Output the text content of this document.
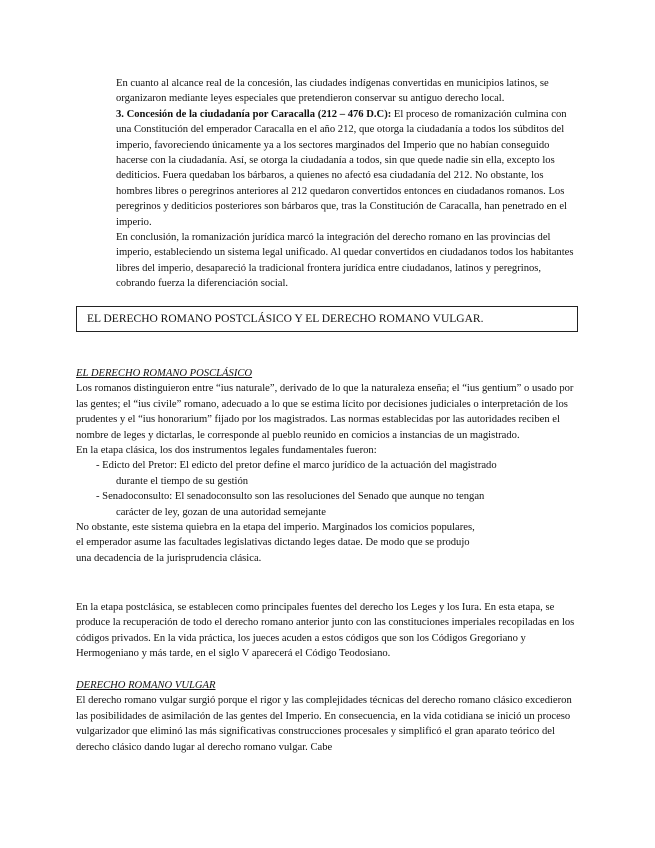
En cuanto al alcance real de la concesión, las ciudades indígenas convertidas en municipios latinos, se organizaron mediante leyes especiales que pretendieron conservar su antiguo derecho local.

3. Concesión de la ciudadanía por Caracalla (212 – 476 D.C): El proceso de romanización culmina con una Constitución del emperador Caracalla en el año 212, que otorga la ciudadanía a todos los súbditos del imperio, favoreciendo únicamente ya a los sectores marginados del Imperio que no habían conseguido hacerse con la ciudadanía. Así, se otorga la ciudadanía a todos, sin que quede nadie sin ella, excepto los dediticios. Fuera quedaban los bárbaros, a quienes no afectó esa ciudadanía del 212. No obstante, los hombres libres o peregrinos anteriores al 212 quedaron convertidos entonces en ciudadanos romanos. Los peregrinos y dediticios posteriores son bárbaros que, tras la Constitución de Caracalla, han penetrado en el imperio.

En conclusión, la romanización jurídica marcó la integración del derecho romano en las provincias del imperio, estableciendo un sistema legal unificado. Al quedar convertidos en ciudadanos todos los habitantes libres del imperio, desapareció la tradicional frontera jurídica entre ciudadanos, latinos y peregrinos, cobrando fuerza la diferenciación social.

EL DERECHO ROMANO POSTCLÁSICO Y EL DERECHO ROMANO VULGAR.

EL DERECHO ROMANO POSCLÁSICO

Los romanos distinguieron entre “ius naturale”, derivado de lo que la naturaleza enseña; el “ius gentium” o usado por las gentes; el “ius civile” romano, adecuado a lo que se estima lícito por decisiones judiciales o interpretación de los prudentes y el “ius honorarium” fijado por los magistrados. Las normas establecidas por las autoridades reciben el nombre de leges y dictarlas, le corresponde al pueblo reunido en comicios a instancias de un magistrado.

En la etapa clásica, los dos instrumentos legales fundamentales fueron:

- Edicto del Pretor: El edicto del pretor define el marco jurídico de la actuación del magistrado

durante el tiempo de su gestión

- Senadoconsulto: El senadoconsulto son las resoluciones del Senado que aunque no tengan

carácter de ley, gozan de una autoridad semejante

No obstante, este sistema quiebra en la etapa del imperio. Marginados los comicios populares,

el emperador asume las facultades legislativas dictando leges datae. De modo que se produjo

una decadencia de la jurisprudencia clásica.

En la etapa postclásica, se establecen como principales fuentes del derecho los Leges y los Iura. En esta etapa, se produce la recuperación de todo el derecho romano anterior junto con las constituciones imperiales recopiladas en los códigos privados. En la vida práctica, los jueces acuden a estos códigos que son los Códigos Gregoriano y Hermogeniano y más tarde, en el siglo V aparecerá el Código Teodosiano.

DERECHO ROMANO VULGAR

El derecho romano vulgar surgió porque el rigor y las complejidades técnicas del derecho romano clásico excedieron las posibilidades de asimilación de las gentes del Imperio. En consecuencia, en la vida cotidiana se inició un proceso vulgarizador que eliminó las más significativas construcciones procesales y simplificó el gran aparato teórico del derecho clásico dando lugar al derecho romano vulgar. Cabe
